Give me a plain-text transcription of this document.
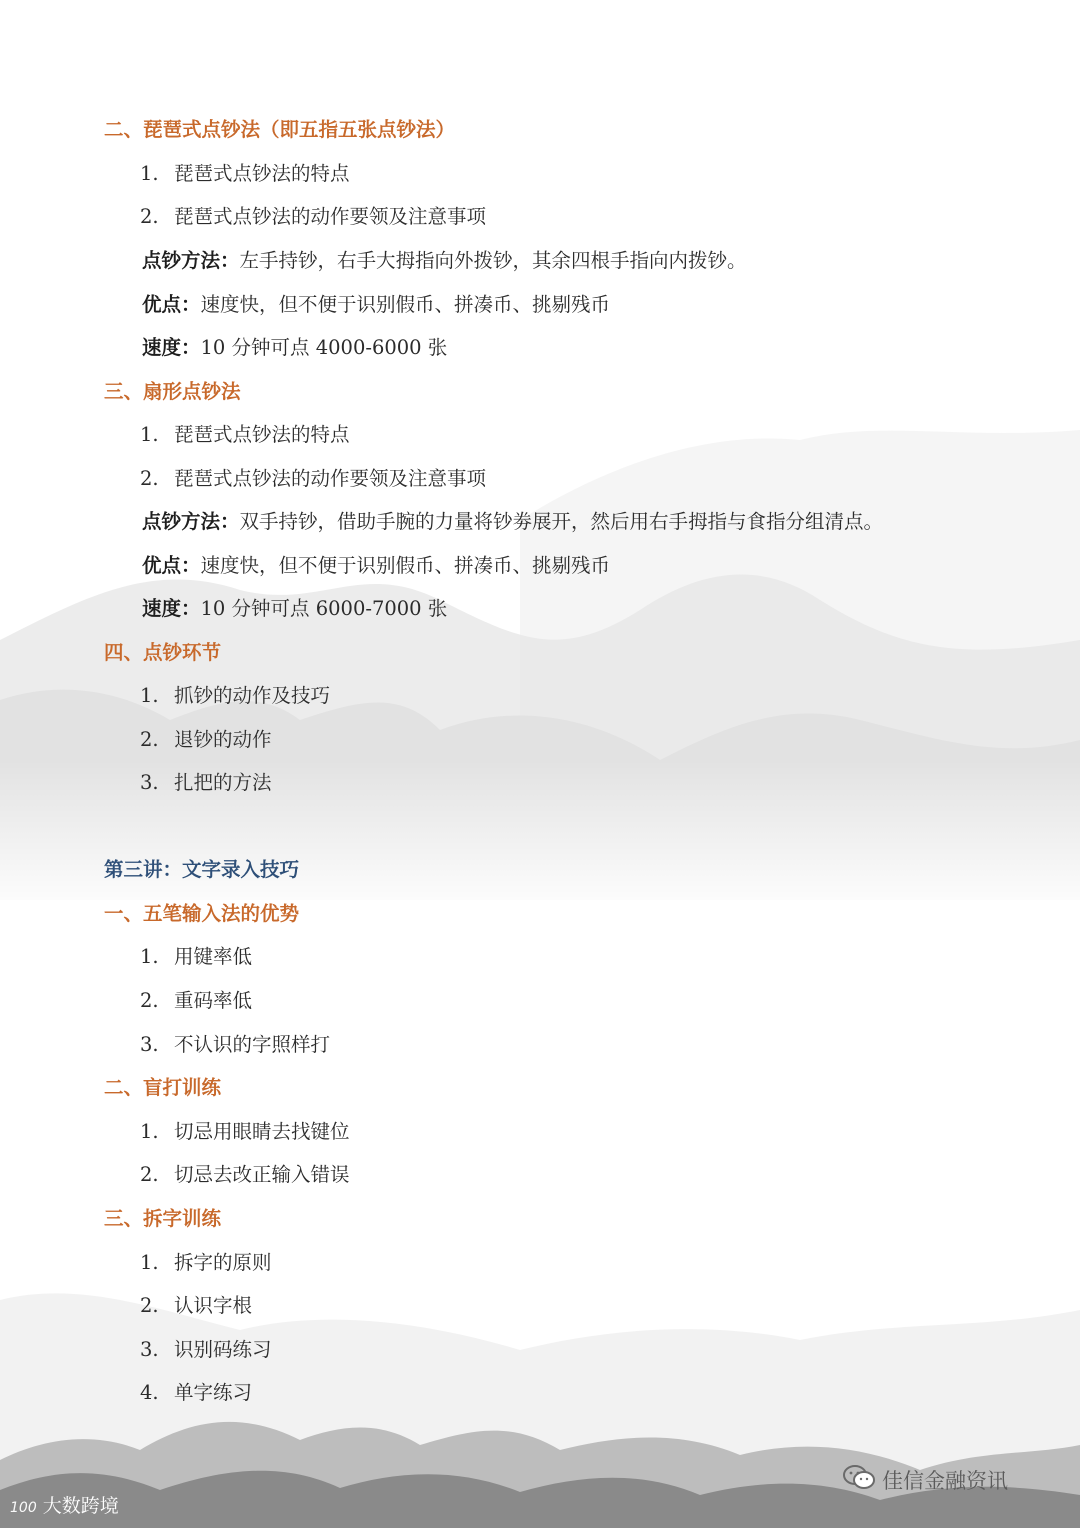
二、琵琶式点钞法（即五指五张点钞法）
1. 琵琶式点钞法的特点
2. 琵琶式点钞法的动作要领及注意事项
点钞方法：左手持钞，右手大拇指向外拨钞，其余四根手指向内拨钞。
优点：速度快，但不便于识别假币、拼凑币、挑剔残币
速度：10 分钟可点 4000-6000 张
三、扇形点钞法
1. 琵琶式点钞法的特点
2. 琵琶式点钞法的动作要领及注意事项
点钞方法：双手持钞，借助手腕的力量将钞劵展开，然后用右手拇指与食指分组清点。
优点：速度快，但不便于识别假币、拼凑币、挑剔残币
速度：10 分钟可点 6000-7000 张
四、点钞环节
1. 抓钞的动作及技巧
2. 退钞的动作
3. 扎把的方法
第三讲：文字录入技巧
一、五笔输入法的优势
1. 用键率低
2. 重码率低
3. 不认识的字照样打
二、盲打训练
1. 切忌用眼睛去找键位
2. 切忌去改正输入错误
三、拆字训练
1. 拆字的原则
2. 认识字根
3. 识别码练习
4. 单字练习
100 大数跨境
佳信金融资讯
